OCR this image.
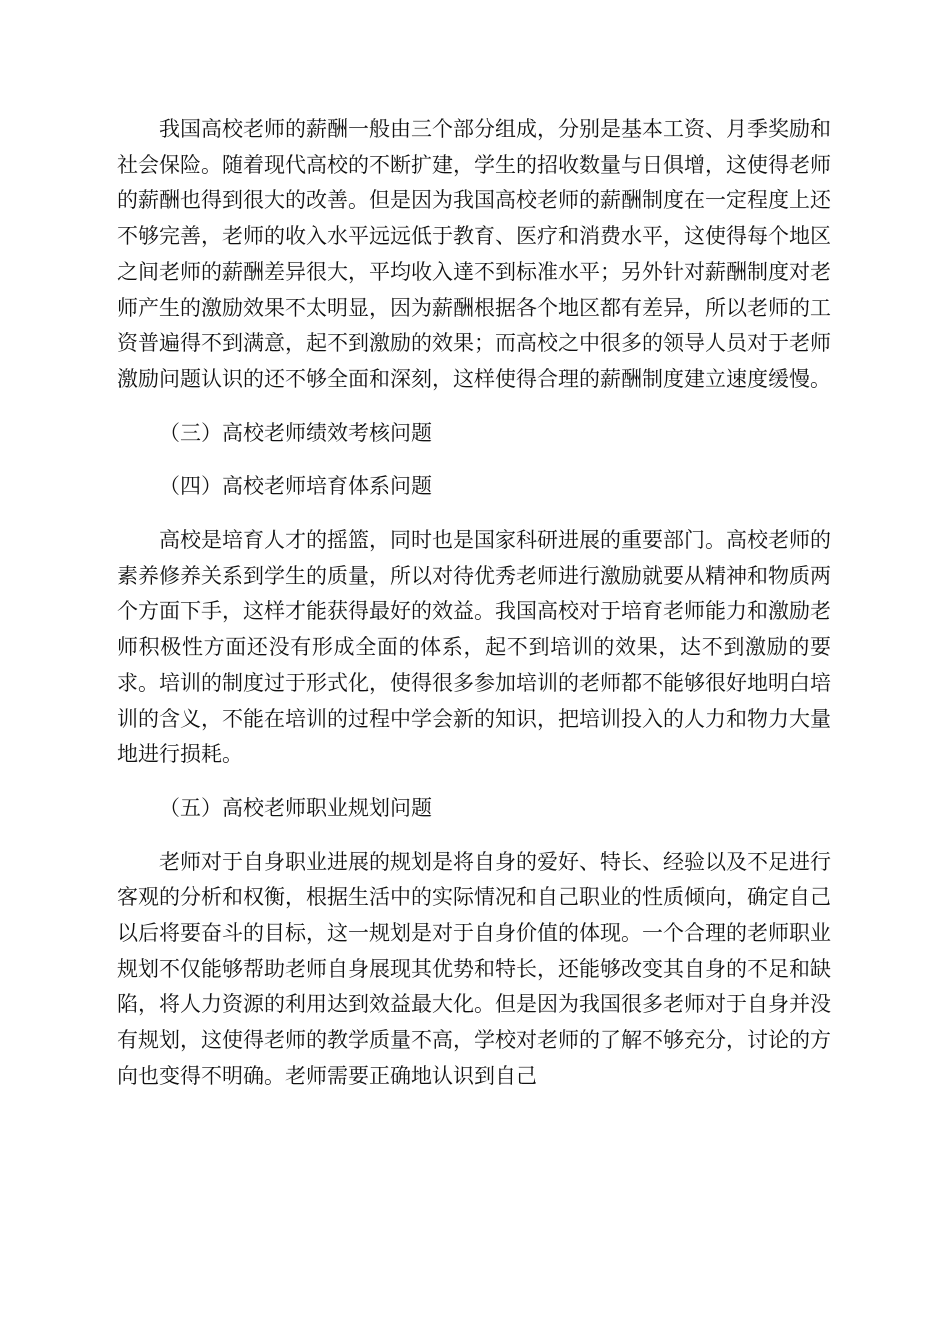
我国高校老师的薪酬一般由三个部分组成，分别是基本工资、月季奖励和社会保险。随着现代高校的不断扩建，学生的招收数量与日俱增，这使得老师的薪酬也得到很大的改善。但是因为我国高校老师的薪酬制度在一定程度上还不够完善，老师的收入水平远远低于教育、医疗和消费水平，这使得每个地区之间老师的薪酬差异很大，平均收入達不到标准水平；另外针对薪酬制度对老师产生的激励效果不太明显，因为薪酬根据各个地区都有差异，所以老师的工资普遍得不到满意，起不到激励的效果；而高校之中很多的领导人员对于老师激励问题认识的还不够全面和深刻，这样使得合理的薪酬制度建立速度缓慢。

（三）高校老师绩效考核问题

（四）高校老师培育体系问题

高校是培育人才的摇篮，同时也是国家科研进展的重要部门。高校老师的素养修养关系到学生的质量，所以对待优秀老师进行激励就要从精神和物质两个方面下手，这样才能获得最好的效益。我国高校对于培育老师能力和激励老师积极性方面还没有形成全面的体系，起不到培训的效果，达不到激励的要求。培训的制度过于形式化，使得很多参加培训的老师都不能够很好地明白培训的含义，不能在培训的过程中学会新的知识，把培训投入的人力和物力大量地进行损耗。

（五）高校老师职业规划问题

老师对于自身职业进展的规划是将自身的爱好、特长、经验以及不足进行客观的分析和权衡，根据生活中的实际情况和自己职业的性质倾向，确定自己以后将要奋斗的目标，这一规划是对于自身价值的体现。一个合理的老师职业规划不仅能够帮助老师自身展现其优势和特长，还能够改变其自身的不足和缺陷，将人力资源的利用达到效益最大化。但是因为我国很多老师对于自身并没有规划，这使得老师的教学质量不高，学校对老师的了解不够充分，讨论的方向也变得不明确。老师需要正确地认识到自己
